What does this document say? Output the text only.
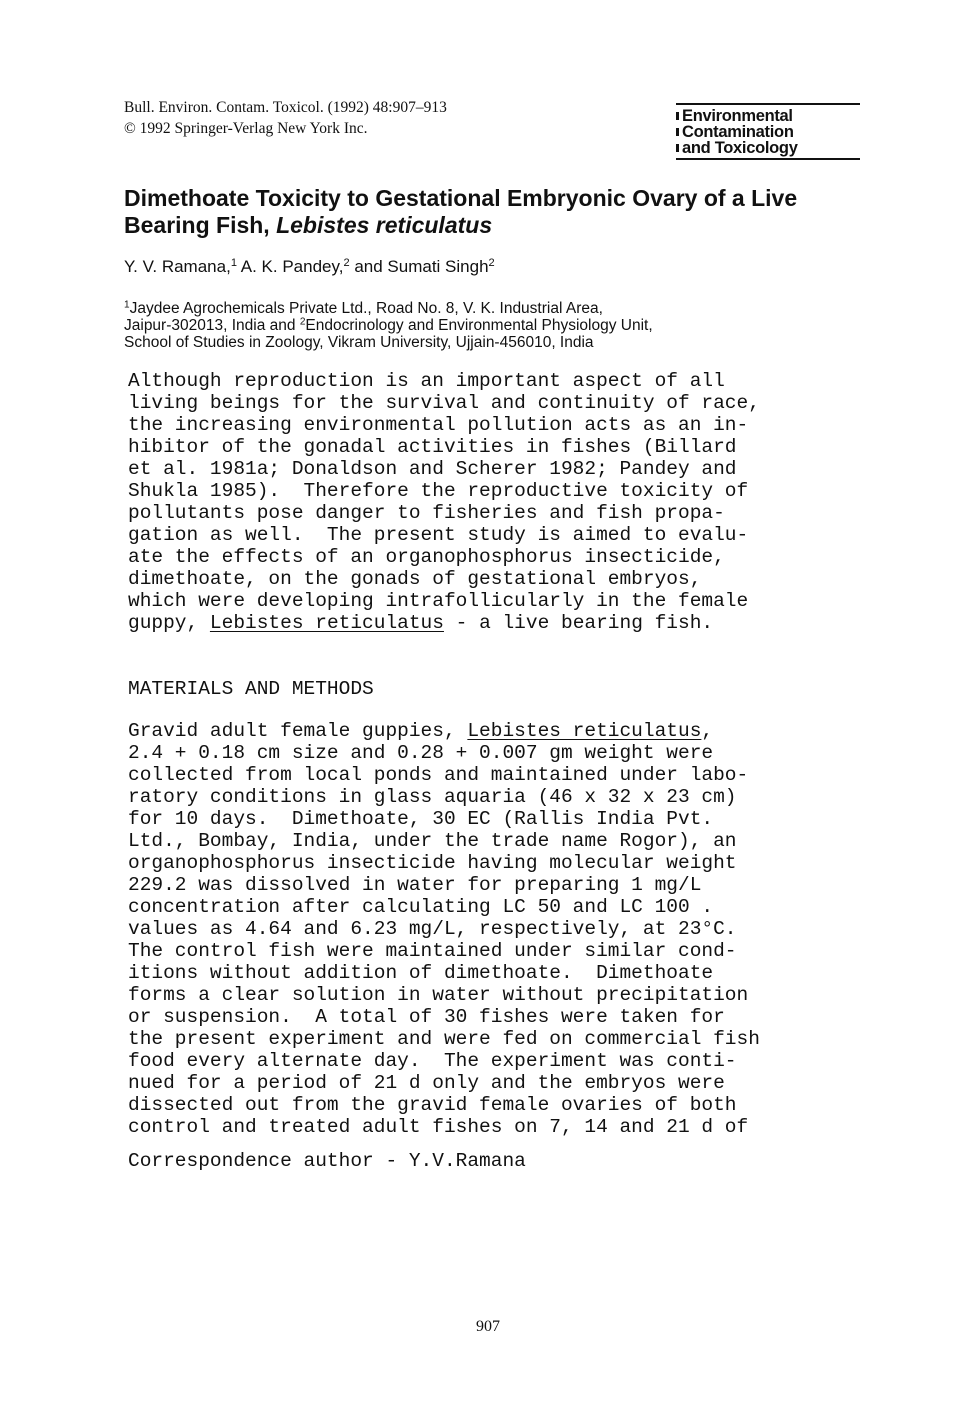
Bull. Environ. Contam. Toxicol. (1992) 48:907–913
© 1992 Springer-Verlag New York Inc.
Environmental
Contamination
and Toxicology
Dimethoate Toxicity to Gestational Embryonic Ovary of a Live Bearing Fish, Lebistes reticulatus
Y. V. Ramana,$^1$ A. K. Pandey,$^2$ and Sumati Singh$^2$
$^1$Jaydee Agrochemicals Private Ltd., Road No. 8, V. K. Industrial Area,
Jaipur-302013, India and $^2$Endocrinology and Environmental Physiology Unit,
School of Studies in Zoology, Vikram University, Ujjain-456010, India
Although reproduction is an important aspect of all
living beings for the survival and continuity of race,
the increasing environmental pollution acts as an in-
hibitor of the gonadal activities in fishes (Billard
et al. 1981a; Donaldson and Scherer 1982; Pandey and
Shukla 1985).  Therefore the reproductive toxicity of
pollutants pose danger to fisheries and fish propa-
gation as well.  The present study is aimed to evalu-
ate the effects of an organophosphorus insecticide,
dimethoate, on the gonads of gestational embryos,
which were developing intrafollicularly in the female
guppy, Lebistes reticulatus - a live bearing fish.
MATERIALS AND METHODS
Gravid adult female guppies, Lebistes reticulatus,
2.4 + 0.18 cm size and 0.28 + 0.007 gm weight were
collected from local ponds and maintained under labo-
ratory conditions in glass aquaria (46 x 32 x 23 cm)
for 10 days.  Dimethoate, 30 EC (Rallis India Pvt.
Ltd., Bombay, India, under the trade name Rogor), an
organophosphorus insecticide having molecular weight
229.2 was dissolved in water for preparing 1 mg/L
concentration after calculating LC 50 and LC 100 .
values as 4.64 and 6.23 mg/L, respectively, at 23°C.
The control fish were maintained under similar cond-
itions without addition of dimethoate.  Dimethoate
forms a clear solution in water without precipitation
or suspension.  A total of 30 fishes were taken for
the present experiment and were fed on commercial fish
food every alternate day.  The experiment was conti-
nued for a period of 21 d only and the embryos were
dissected out from the gravid female ovaries of both
control and treated adult fishes on 7, 14 and 21 d of
Correspondence author - Y.V.Ramana
907
